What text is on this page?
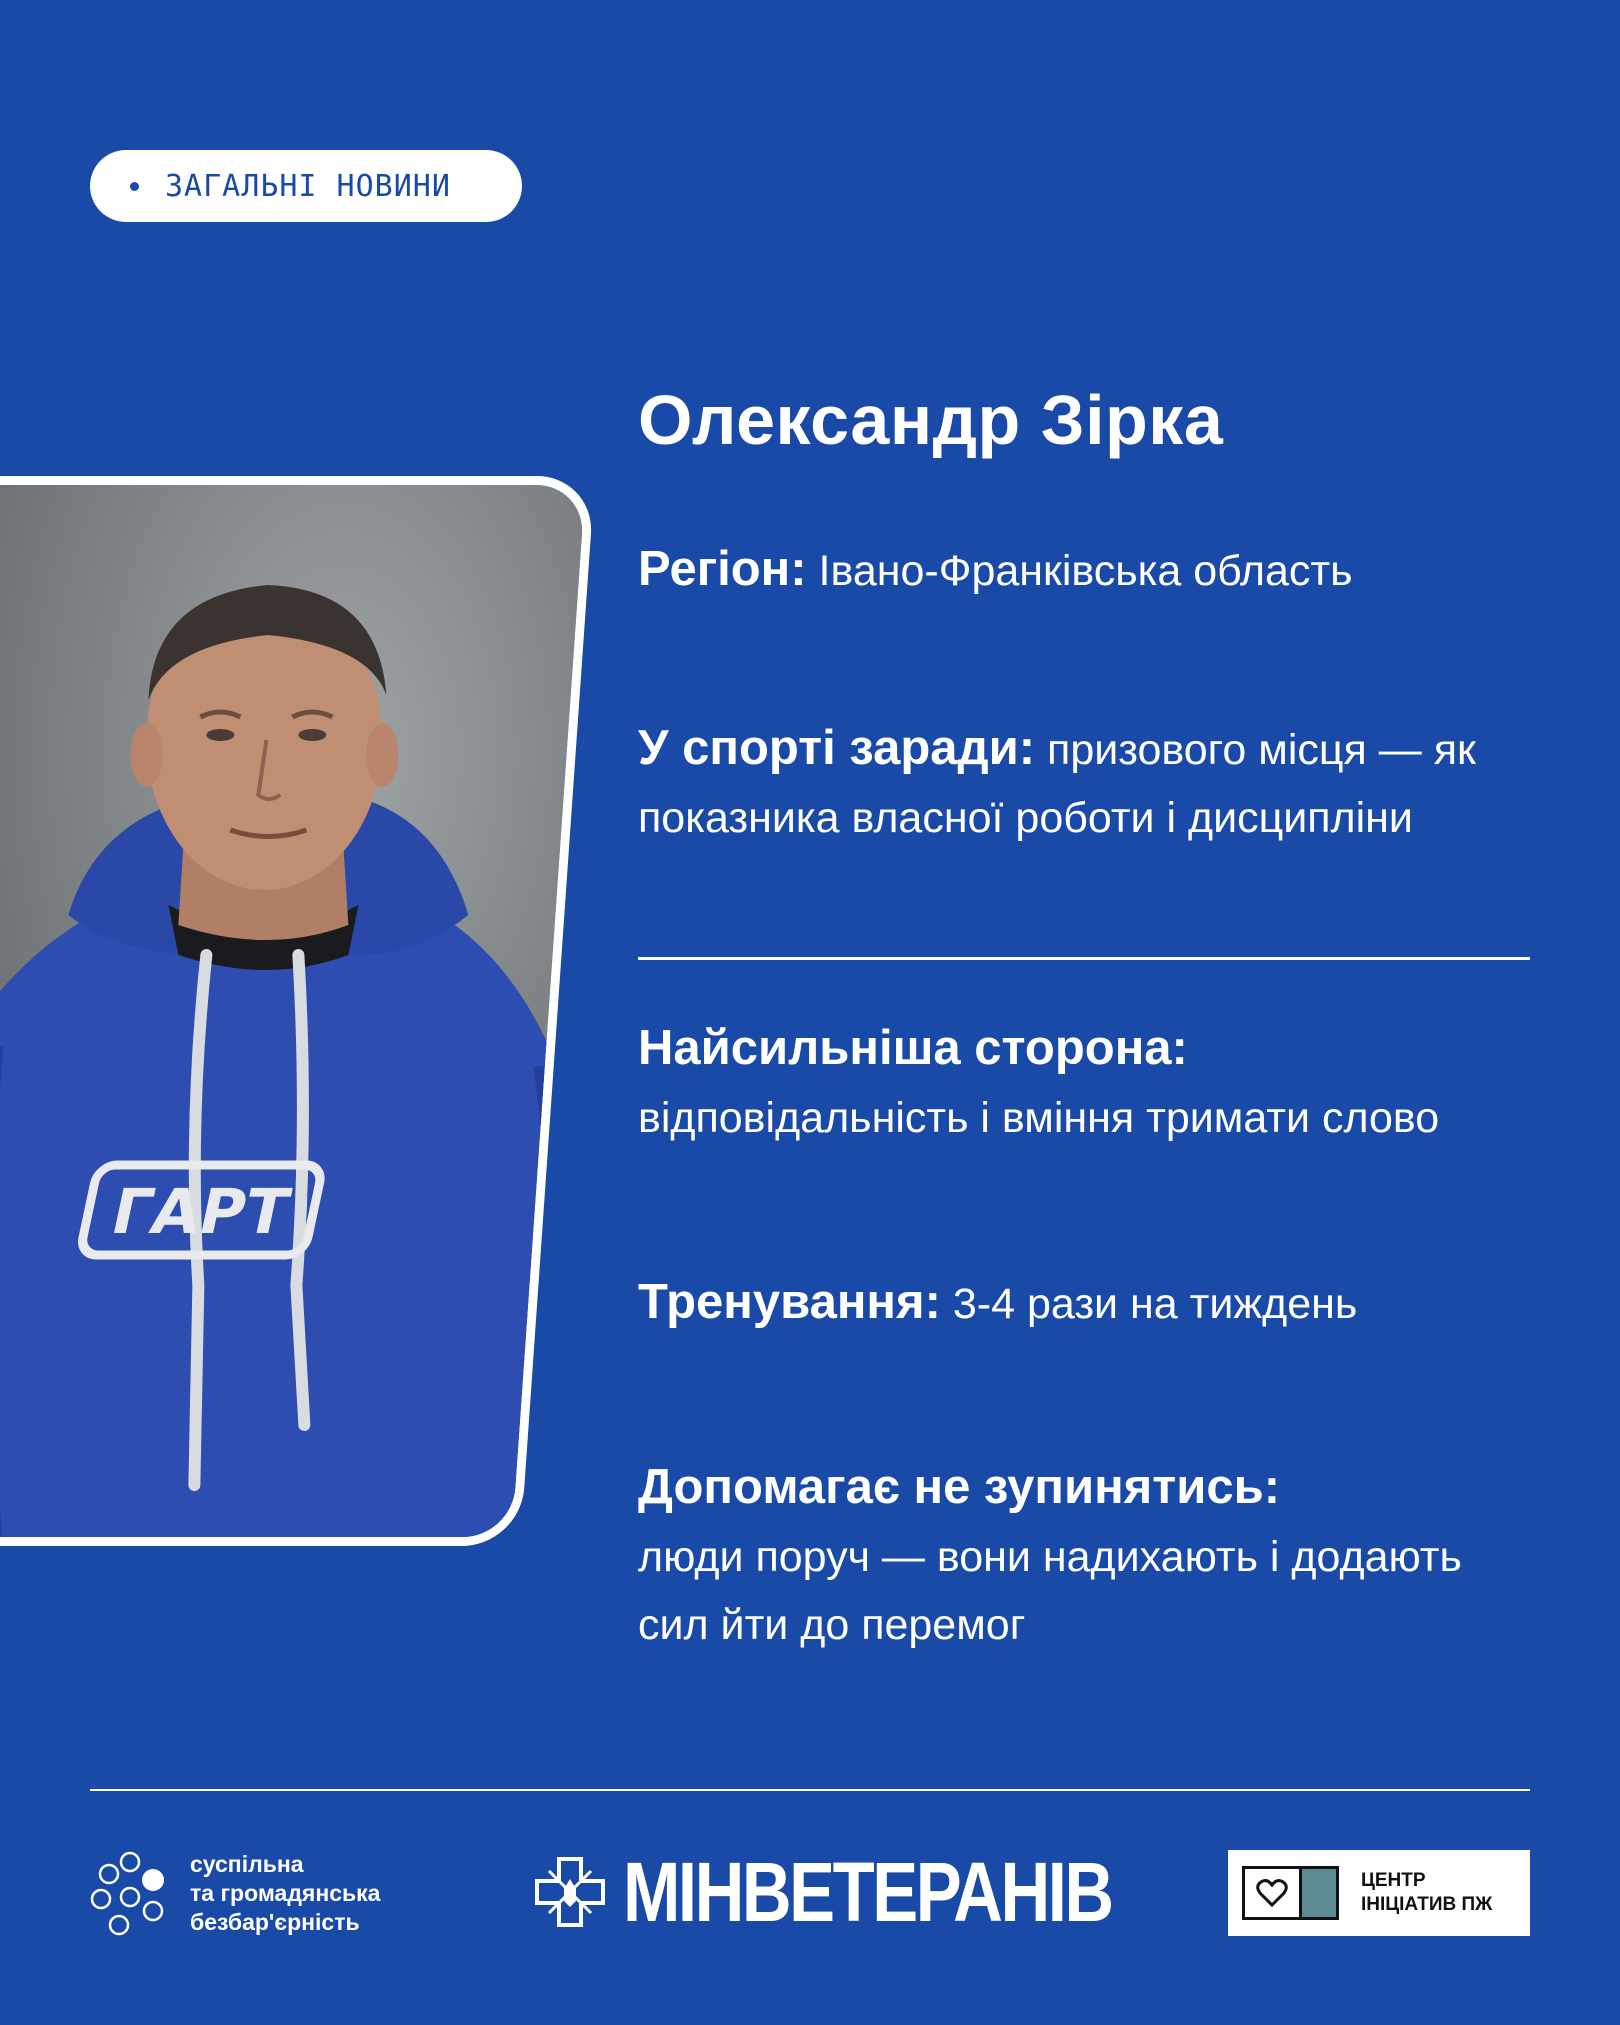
ЗАГАЛЬНІ НОВИНИ
ГАРТ
Олександр Зірка
Регіон: Івано-Франківська область
У спорті заради: призового місця — як показника власної роботи і дисципліни
Найсильніша сторона:
відповідальність і вміння тримати слово
Тренування: 3-4 рази на тиждень
Допомагає не зупинятись:
люди поруч — вони надихають і додають сил йти до перемог
суспільна
та громадянська
безбар'єрність	МІНВЕТЕРАНІВ	ЦЕНТР
ІНІЦІАТИВ ПЖ
